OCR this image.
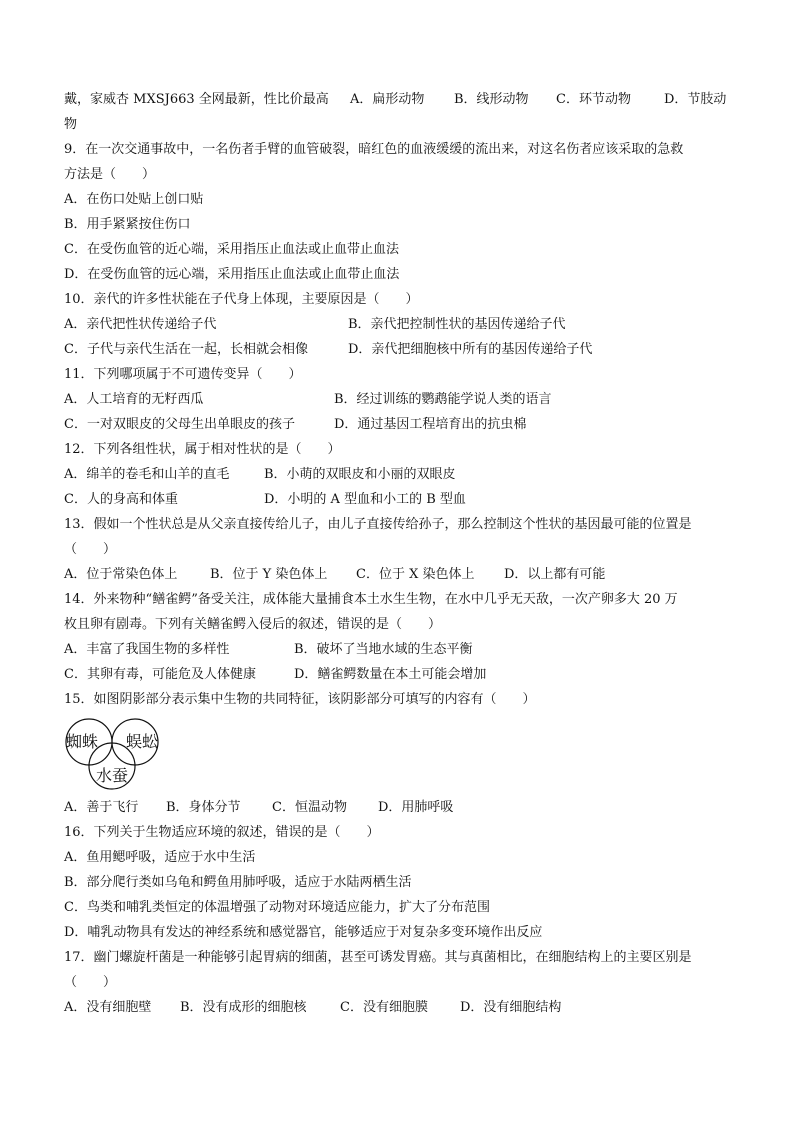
戴，家威杏 MXSJ663 全网最新，性比价最高 A．扁形动物 B．线形动物 C．环节动物	D．节肢动
物
9．在一次交通事故中，一名伤者手臂的血管破裂，暗红色的血液缓缓的流出来，对这名伤者应该采取的急救
方法是（　　）
A．在伤口处贴上创口贴
B．用手紧紧按住伤口
C．在受伤血管的近心端，采用指压止血法或止血带止血法
D．在受伤血管的远心端，采用指压止血法或止血带止血法
10．亲代的许多性状能在子代身上体现，主要原因是（　　）
A．亲代把性状传递给子代	B．亲代把控制性状的基因传递给子代
C．子代与亲代生活在一起，长相就会相像	D．亲代把细胞核中所有的基因传递给子代
11．下列哪项属于不可遗传变异（　　）
A．人工培育的无籽西瓜	B．经过训练的鹦鹉能学说人类的语言
C．一对双眼皮的父母生出单眼皮的孩子	D．通过基因工程培育出的抗虫棉
12．下列各组性状，属于相对性状的是（　　）
A．绵羊的卷毛和山羊的直毛	B．小萌的双眼皮和小丽的双眼皮
C．人的身高和体重	D．小明的 A 型血和小工的 B 型血
13．假如一个性状总是从父亲直接传给儿子，由儿子直接传给孙子，那么控制这个性状的基因最可能的位置是
（　　）
A．位于常染色体上	B．位于 Y 染色体上 C．位于 X 染色体上 D．以上都有可能
14．外来物种“鳝雀鳄”备受关注，成体能大量捕食本土水生生物，在水中几乎无天敌，一次产卵多大 20 万
枚且卵有剧毒。下列有关鳝雀鳄入侵后的叙述，错误的是（　　）
A．丰富了我国生物的多样性	B．破坏了当地水域的生态平衡
C．其卵有毒，可能危及人体健康	D．鳝雀鳄数量在本土可能会增加
15．如图阴影部分表示集中生物的共同特征，该阴影部分可填写的内容有（　　）
蜘蛛 蜈蚣
水蚕
A．善于飞行 B．身体分节 C．恒温动物 D．用肺呼吸
16．下列关于生物适应环境的叙述，错误的是（　　）
A．鱼用鳃呼吸，适应于水中生活
B．部分爬行类如乌龟和鳄鱼用肺呼吸，适应于水陆两栖生活
C．鸟类和哺乳类恒定的体温增强了动物对环境适应能力，扩大了分布范围
D．哺乳动物具有发达的神经系统和感觉器官，能够适应于对复杂多变环境作出反应
17．幽门螺旋杆菌是一种能够引起胃病的细菌，甚至可诱发胃癌。其与真菌相比，在细胞结构上的主要区别是
（　　）
A．没有细胞壁 B．没有成形的细胞核	C．没有细胞膜 D．没有细胞结构
